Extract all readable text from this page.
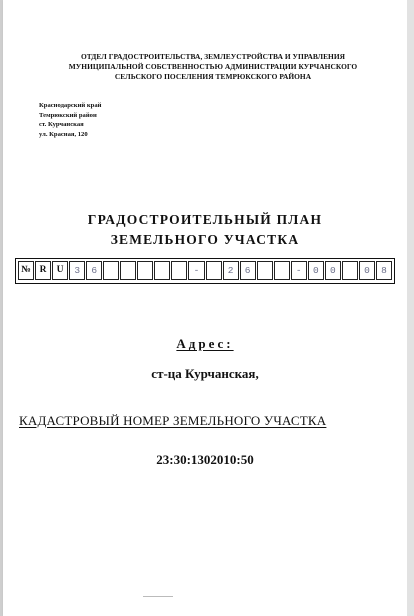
ОТДЕЛ ГРАДОСТРОИТЕЛЬСТВА, ЗЕМЛЕУСТРОЙСТВА И УПРАВЛЕНИЯ
МУНИЦИПАЛЬНОЙ СОБСТВЕННОСТЬЮ АДМИНИСТРАЦИИ КУРЧАНСКОГО
СЕЛЬСКОГО ПОСЕЛЕНИЯ ТЕМРЮКСКОГО РАЙОНА
Краснодарский край
Темрюкский район
ст. Курчанская
ул. Красная, 120
ГРАДОСТРОИТЕЛЬНЫЙ ПЛАН
ЗЕМЕЛЬНОГО УЧАСТКА
№ R	U	3	6	-	2	6	-	0	0	0	8
Адрес:
ст-ца Курчанская,
КАДАСТРОВЫЙ НОМЕР ЗЕМЕЛЬНОГО УЧАСТКА
23:30:1302010:50
